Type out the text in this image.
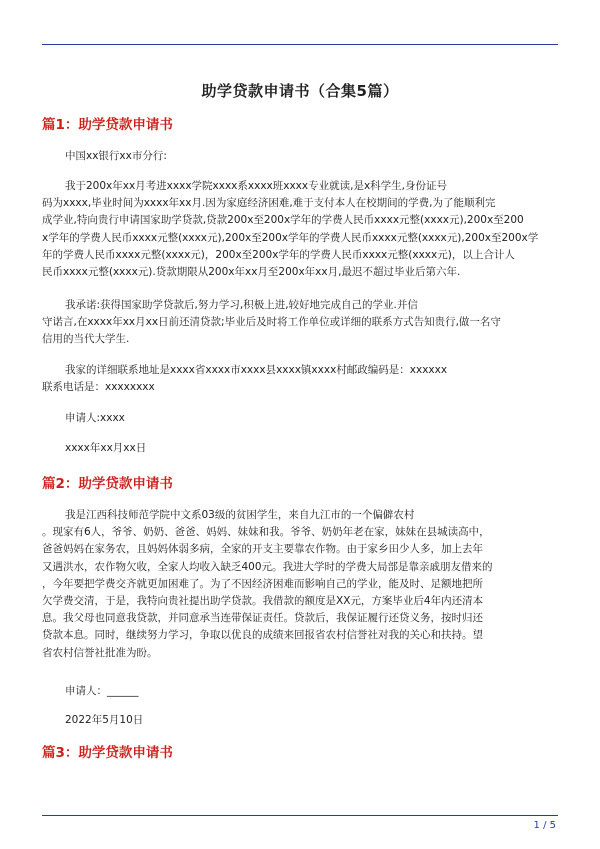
助学贷款申请书（合集5篇）
篇1：助学贷款申请书
中国xx银行xx市分行:
我于200x年xx月考进xxxx学院xxxx系xxxx班xxxx专业就读,是x科学生,身份证号
码为xxxx,毕业时间为xxxx年xx月.因为家庭经济困难,难于支付本人在校期间的学费,为了能顺利完
成学业,特向贵行申请国家助学贷款,贷款200x至200x学年的学费人民币xxxx元整(xxxx元),200x至200
x学年的学费人民币xxxx元整(xxxx元),200x至200x学年的学费人民币xxxx元整(xxxx元),200x至200x学
年的学费人民币xxxx元整(xxxx元)，200x至200x学年的学费人民币xxxx元整(xxxx元)，以上合计人
民币xxxx元整(xxxx元).贷款期限从200x年xx月至200x年xx月,最迟不超过毕业后第六年.
我承诺:获得国家助学贷款后,努力学习,积极上进,较好地完成自己的学业.并信
守诺言,在xxxx年xx月xx日前还清贷款;毕业后及时将工作单位或详细的联系方式告知贵行,做一名守
信用的当代大学生.
我家的详细联系地址是xxxx省xxxx市xxxx县xxxx镇xxxx村邮政编码是：xxxxxx
联系电话是：xxxxxxxx
申请人:xxxx
xxxx年xx月xx日
篇2：助学贷款申请书
我是江西科技师范学院中文系03级的贫困学生，来自九江市的一个偏僻农村
。现家有6人，爷爷、奶奶、爸爸、妈妈、妹妹和我。爷爷、奶奶年老在家，妹妹在县城读高中，
爸爸妈妈在家务农，且妈妈体弱多病，全家的开支主要靠农作物。由于家乡田少人多，加上去年
又遇洪水，农作物欠收，全家人均收入缺乏400元。我进大学时的学费大局部是靠亲戚朋友借来的
，今年要把学费交齐就更加困难了。为了不因经济困难而影响自己的学业，能及时、足额地把所
欠学费交清，于是，我特向贵社提出助学贷款。我借款的额度是XX元，方案毕业后4年内还清本
息。我父母也同意我贷款，并同意承当连带保证责任。贷款后，我保证履行还贷义务，按时归还
贷款本息。同时，继续努力学习，争取以优良的成绩来回报省农村信誉社对我的关心和扶持。望
省农村信誉社批准为盼。
申请人：______
2022年5月10日
篇3：助学贷款申请书
1 / 5
